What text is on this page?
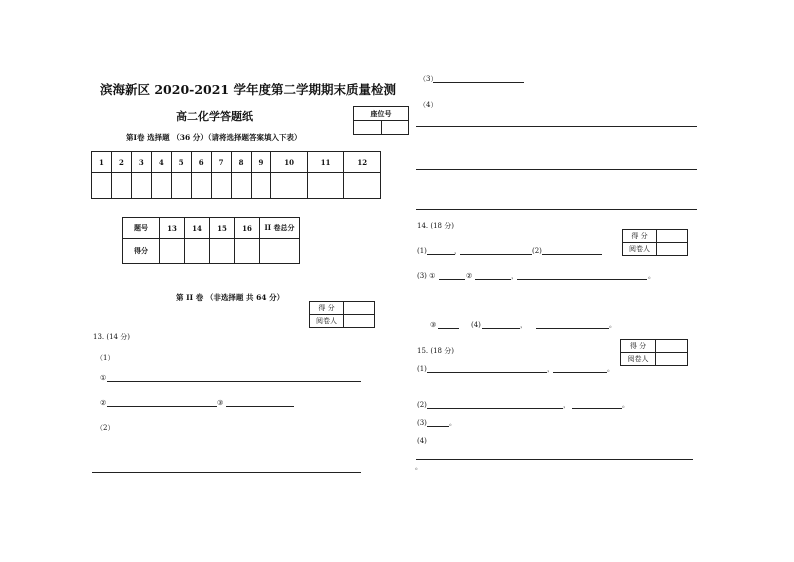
滨海新区 2020-2021 学年度第二学期期末质量检测
高二化学答题纸	座位号

第Ⅰ卷 选择题 （36 分）（请将选择题答案填入下表）
1	2	3	4	5	6	7	8	9	10	11	12

题号	13	14	15	16	II 卷总分
得分					
第 II 卷 （非选择题 共 64 分）
得 分	
阅卷人	
13. (14 分)
（1）
①
②	③
（2）
（3）
（4）
14. (18 分)
得 分	
阅卷人	
(1)	，	(2)
(3) ①	②	，	。
③	(4)	，	。
15. (18 分)
得 分	
阅卷人	
(1)	，	。
(2)	，	。
(3)	。
(4)
。
